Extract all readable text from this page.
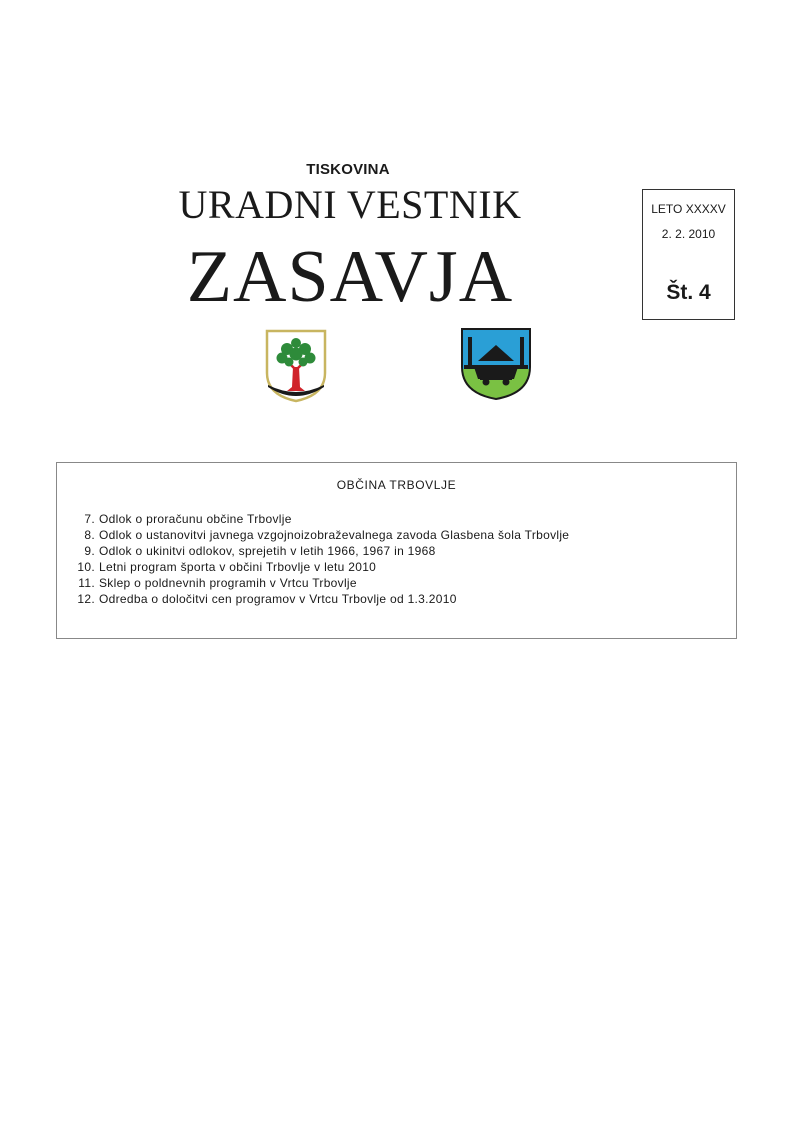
TISKOVINA
URADNI VESTNIK
ZASAVJA
LETO XXXXV
2. 2. 2010
Št. 4
OBČINA TRBOVLJE
7. Odlok o proračunu občine Trbovlje
8. Odlok o ustanovitvi javnega vzgojnoizobraževalnega zavoda Glasbena šola Trbovlje
9. Odlok o ukinitvi odlokov, sprejetih v letih 1966, 1967 in 1968
10. Letni program športa v občini Trbovlje v letu 2010
11. Sklep o poldnevnih programih v Vrtcu Trbovlje
12. Odredba o določitvi cen programov v Vrtcu Trbovlje od 1.3.2010
